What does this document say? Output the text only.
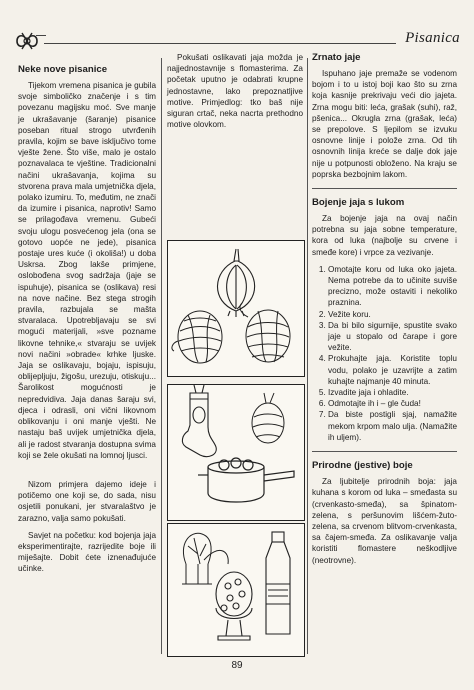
Pisanica
Neke nove pisanice

Tijekom vremena pisanica je gubila svoje simboličko značenje i s tim povezanu magijsku moć. Sve manje je ukrašavanje (šaranje) pisanice poseban ritual strogo utvrđenih pravila, kojim se bave isključivo tome vješte žene. Što više, malo je ostalo poznavalaca te vještine. Tradicionalni načini ukrašavanja, kojima su stvorena prava mala umjetnička djela, polako izumiru. To, međutim, ne znači da izumire i pisanica, naprotiv! Samo se prilagođava vremenu. Gubeći svoju ulogu posvećenog jela (ona se gotovo uopće ne jede), pisanica postaje ures kuće (i okoliša!) u doba Uskrsa. Zbog lakše primjene, oslobođena svog sadržaja (jaje se ispuhuje), pisanica se (oslikava) resi na nove načine. Bez stega strogih pravila, razbujala se mašta stvaralaca. Upotrebljavaju se svi mogući materijali, »sve pozname likovne tehnike,« stvaraju se uvijek novi načini »obrade« krhke ljuske. Jaja se oslikavaju, bojaju, ispisuju, oblijepljuju, žigošu, urezuju, otiskuju... Šarolikost mogućnosti je nepredvidiva. Jaja danas šaraju svi, djeca i odrasli, oni vični likovnom oblikovanju i oni manje vješti. Ne nastaju baš uvijek umjetnička djela, ali je radost stvaranja dostupna svima koji se žele okušati na lomnoj ljusci.

Nizom primjera dajemo ideje i potičemo one koji se, do sada, nisu osjetili ponukani, jer stvaralaštvo je zarazno, valja samo pokušati.

Savjet na početku: kod bojenja jaja eksperimentirajte, razrijedite boje ili miješajte. Dobit ćete iznenađujuće učinke.

Pokušati oslikavati jaja možda je najjednostavnije s flomasterima. Za početak uputno je odabrati krupne jednostavne, lako prepoznatljive motive. Primjedlog: tko baš nije siguran crtač, neka nacrta prethodno motive olovkom.

Zrnato jaje

Ispuhano jaje premaže se vodenom bojom i to u istoj boji kao što su zrna koja kasnije prekrivaju veći dio jajeta. Zrna mogu biti: leća, grašak (suhi), raž, pšenica... Okrugla zrna (grašak, leća) se prepolove. S ljepilom se izvuku osnovne linije i polože zrna. Od tih osnovnih linija kreće se dalje dok jaje nije u potpunosti obloženo. Na kraju se poprska bezbojnim lakom.

Bojenje jaja s lukom

Za bojenje jaja na ovaj način potrebna su jaja sobne temperature, kora od luka (najbolje su crvene i smeđe kore) i vrpce za vezivanje.

1. Omotajte koru od luka oko jajeta. Nema potrebe da to učinite suviše precizno, može ostaviti i nekoliko praznina.
2. Vežite koru.
3. Da bi bilo sigurnije, spustite svako jaje u stopalo od čarape i gore vežite.
4. Prokuhajte jaja. Koristite toplu vodu, polako je uzavrijte a zatim kuhajte najmanje 40 minuta.
5. Izvadite jaja i ohladite.
6. Odmotajte ih i – gle čuda!
7. Da biste postigli sjaj, namažite mekom krpom malo ulja. (Namažite ih uljem).
Prirodne (jestive) boje

Za ljubitelje prirodnih boja: jaja kuhana s korom od luka – smeđasta su (crvenkasto-smeđa), sa špinatom-zelena, s peršunovim lišćem-žuto-zelena, sa crvenom blitvom-crvenkasta, sa čajem-smeđa. Za oslikavanje valja koristiti flomastere neškodljive (neotrovne).

89
